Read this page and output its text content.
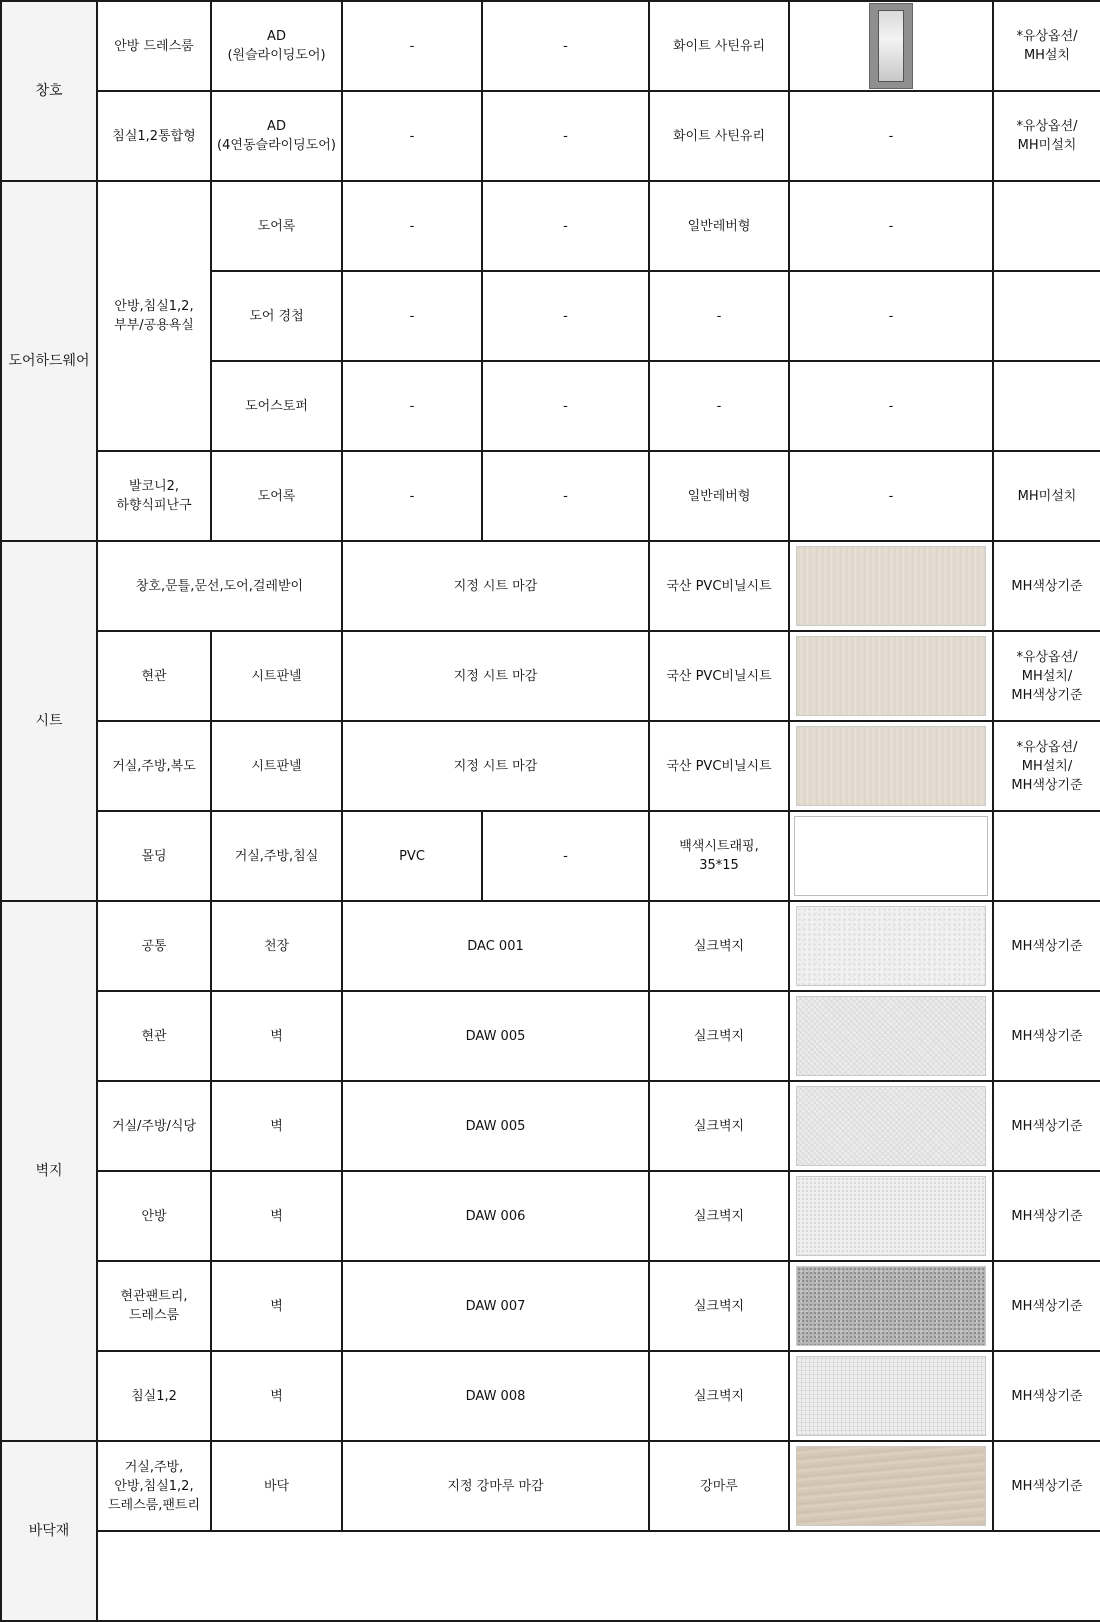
창호	안방 드레스룸	AD
(원슬라이딩도어)	-	-	화이트 사틴유리		*유상옵션/
MH설치
	침실1,2통합형	AD
(4연동슬라이딩도어)	-	-	화이트 사틴유리	-	*유상옵션/
MH미설치
도어하드웨어	안방,침실1,2,
부부/공용욕실	도어록	-	-	일반레버형	-	
		도어 경첩	-	-	-	-	
		도어스토퍼	-	-	-	-	
	발코니2,
하향식피난구	도어록	-	-	일반레버형	-	MH미설치
시트	창호,문틀,문선,도어,걸레받이		지정 시트 마감		국산 PVC비닐시트		MH색상기준
	현관	시트판넬	지정 시트 마감		국산 PVC비닐시트		*유상옵션/
MH설치/
MH색상기준
	거실,주방,복도	시트판넬	지정 시트 마감		국산 PVC비닐시트		*유상옵션/
MH설치/
MH색상기준
	몰딩	거실,주방,침실	PVC	-	백색시트래핑,
35*15	

벽지	공통	천장	DAC 001		실크벽지		MH색상기준
	현관	벽	DAW 005		실크벽지		MH색상기준
	거실/주방/식당	벽	DAW 005		실크벽지		MH색상기준
	안방	벽	DAW 006		실크벽지		MH색상기준
	현관팬트리,
드레스룸	벽	DAW 007		실크벽지		MH색상기준
	침실1,2	벽	DAW 008		실크벽지		MH색상기준
바닥재	거실,주방,
안방,침실1,2,
드레스룸,팬트리	바닥	지정 강마루 마감		강마루		MH색상기준
